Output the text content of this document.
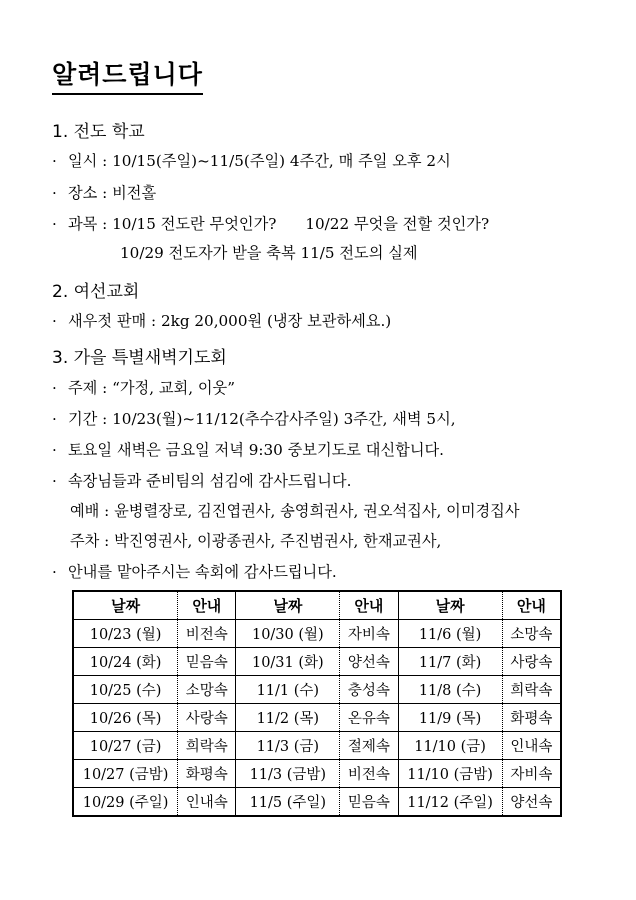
알려드립니다
1. 전도 학교
· 일시 : 10/15(주일)~11/5(주일) 4주간, 매 주일 오후 2시
· 장소 : 비전홀
· 과목 : 10/15 전도란 무엇인가?      10/22 무엇을 전할 것인가?
10/29 전도자가 받을 축복 11/5 전도의 실제
2. 여선교회
· 새우젓 판매 : 2kg 20,000원 (냉장 보관하세요.)
3. 가을 특별새벽기도회
· 주제 : “가정, 교회, 이웃”
· 기간 : 10/23(월)~11/12(추수감사주일) 3주간, 새벽 5시,
· 토요일 새벽은 금요일 저녁 9:30 중보기도로 대신합니다.
· 속장님들과 준비팀의 섬김에 감사드립니다.
예배 : 윤병렬장로, 김진엽권사, 송영희권사, 권오석집사, 이미경집사
주차 : 박진영권사, 이광종권사, 주진범권사, 한재교권사,
· 안내를 맡아주시는 속회에 감사드립니다.
날짜	안내	날짜	안내	날짜	안내
10/23 (월)	비전속	10/30 (월)	자비속	11/6 (월)	소망속
10/24 (화)	믿음속	10/31 (화)	양선속	11/7 (화)	사랑속
10/25 (수)	소망속	11/1 (수)	충성속	11/8 (수)	희락속
10/26 (목)	사랑속	11/2 (목)	온유속	11/9 (목)	화평속
10/27 (금)	희락속	11/3 (금)	절제속	11/10 (금)	인내속
10/27 (금밤)	화평속	11/3 (금밤)	비전속	11/10 (금밤)	자비속
10/29 (주일)	인내속	11/5 (주일)	믿음속	11/12 (주일)	양선속
